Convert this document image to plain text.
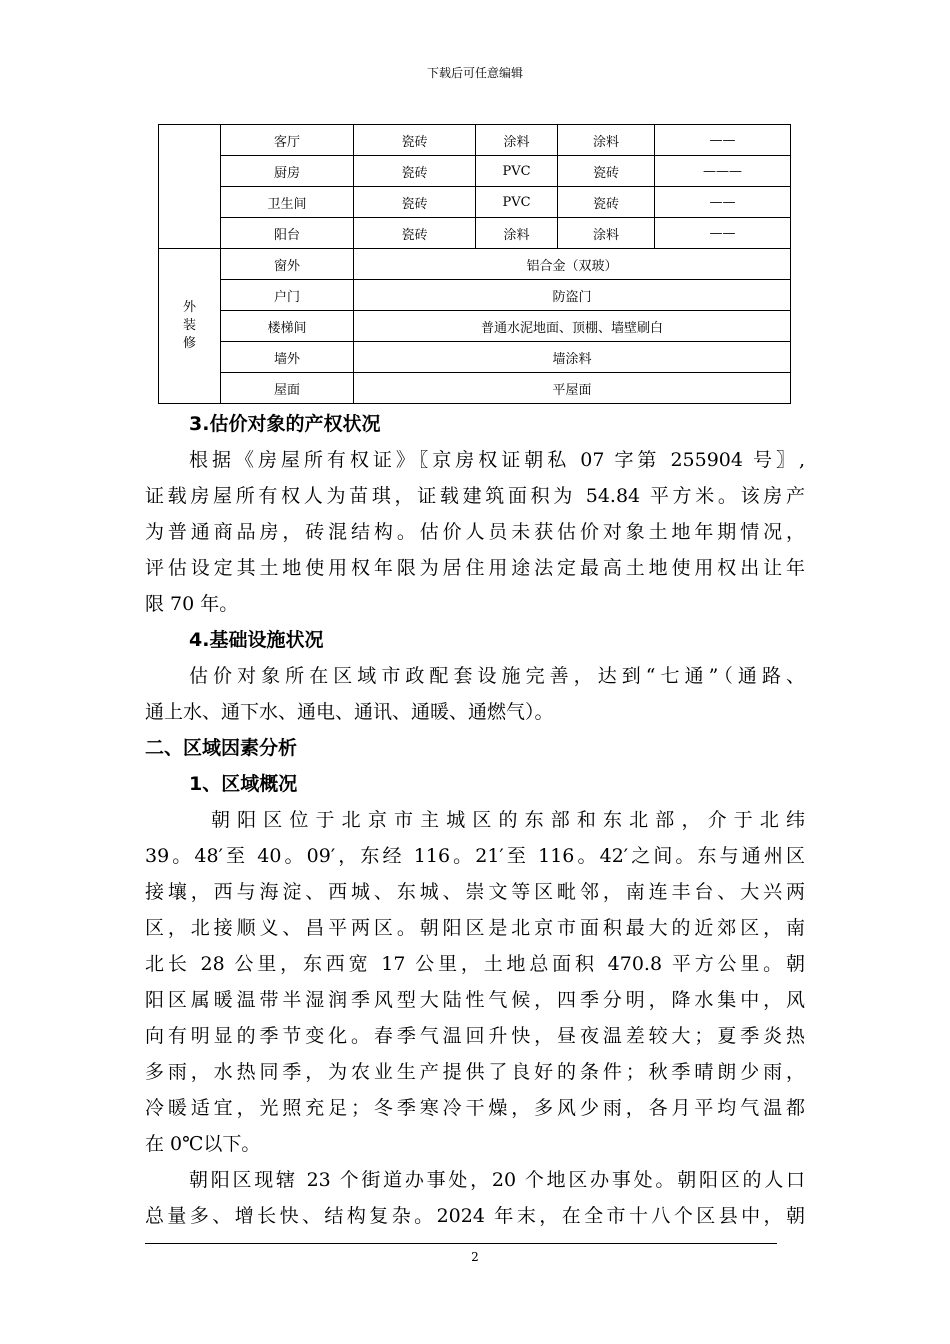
下载后可任意编辑
	客厅	瓷砖	涂料	涂料	——
	厨房	瓷砖	PVC	瓷砖	———
	卫生间	瓷砖	PVC	瓷砖	——
	阳台	瓷砖	涂料	涂料	——

外
装
修	窗外	铝合金（双玻）			
	户门	防盗门			
	楼梯间	普通水泥地面、顶棚、墙壁刷白			
	墙外	墙涂料			
	屋面	平屋面			
3.估价对象的产权状况
根据《房屋所有权证》〖京房权证朝私 07 字第 255904 号〗,
证载房屋所有权人为苗琪，证载建筑面积为 54.84 平方米。该房产
为普通商品房，砖混结构。估价人员未获估价对象土地年期情况，
评估设定其土地使用权年限为居住用途法定最高土地使用权出让年
限 70 年。
4.基础设施状况
估价对象所在区域市政配套设施完善，达到“七通”（通路、
通上水、通下水、通电、通讯、通暖、通燃气）。
二、区域因素分析
1、区域概况
朝阳区位于北京市主城区的东部和东北部，介于北纬
39。48′至 40。09′，东经 116。21′至 116。42′之间。东与通州区
接壤，西与海淀、西城、东城、崇文等区毗邻，南连丰台、大兴两
区，北接顺义、昌平两区。朝阳区是北京市面积最大的近郊区，南
北长 28 公里，东西宽 17 公里，土地总面积 470.8 平方公里。朝
阳区属暖温带半湿润季风型大陆性气候，四季分明，降水集中，风
向有明显的季节变化。春季气温回升快，昼夜温差较大；夏季炎热
多雨，水热同季，为农业生产提供了良好的条件；秋季晴朗少雨，
冷暖适宜，光照充足；冬季寒冷干燥，多风少雨，各月平均气温都
在 0℃以下。
朝阳区现辖 23 个街道办事处，20 个地区办事处。朝阳区的人口
总量多、增长快、结构复杂。2024 年末，在全市十八个区县中，朝
2
